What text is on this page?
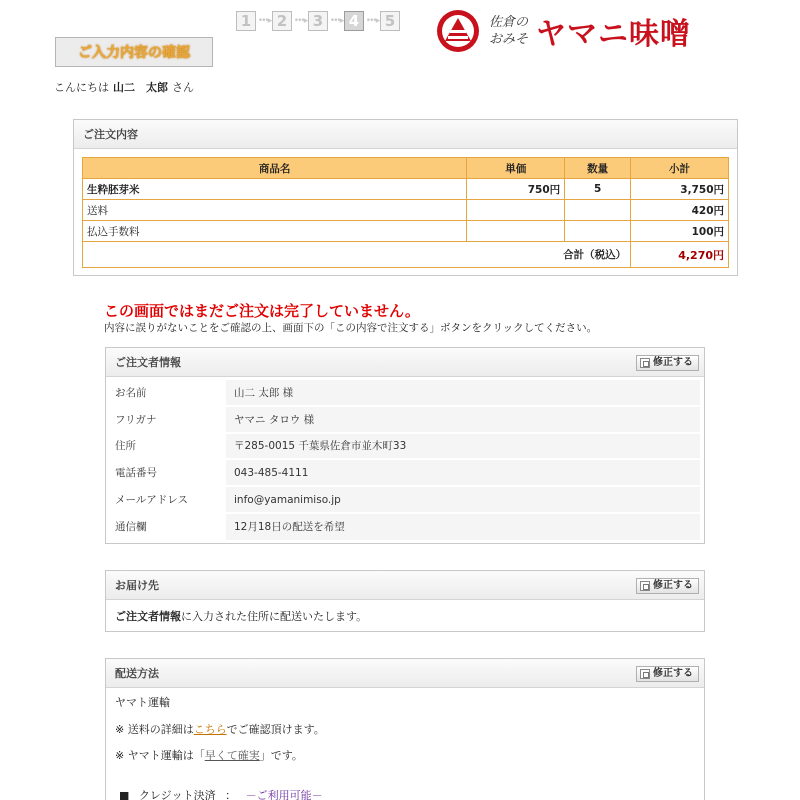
1 •••▸ 2 •••▸ 3 •••▸ 4 •••▸ 5	佐倉の
おみそ ヤマニ味噌
ご入力内容の確認
こんにちは 山二　太郎 さん
ご注文内容
商品名	単価	数量	小計
生粋胚芽米	750円	5	3,750円
送料			420円
払込手数料			100円
合計（税込）			4,270円
この画面ではまだご注文は完了していません。
内容に誤りがないことをご確認の上、画面下の「この内容で注文する」ボタンをクリックしてください。
ご注文者情報	修正する
お名前	山二 太郎 様
フリガナ	ヤマニ タロウ 様
住所	〒285-0015 千葉県佐倉市並木町33
電話番号	043-485-4111
メールアドレス	info@yamanimiso.jp
通信欄	12月18日の配送を希望
お届け先	修正する
ご注文者情報に入力された住所に配送いたします。
配送方法	修正する
ヤマト運輸
※ 送料の詳細はこちらでご確認頂けます。
※ ヤマト運輸は「早くて確実」です。
■ クレジット決済 ： －ご利用可能－
